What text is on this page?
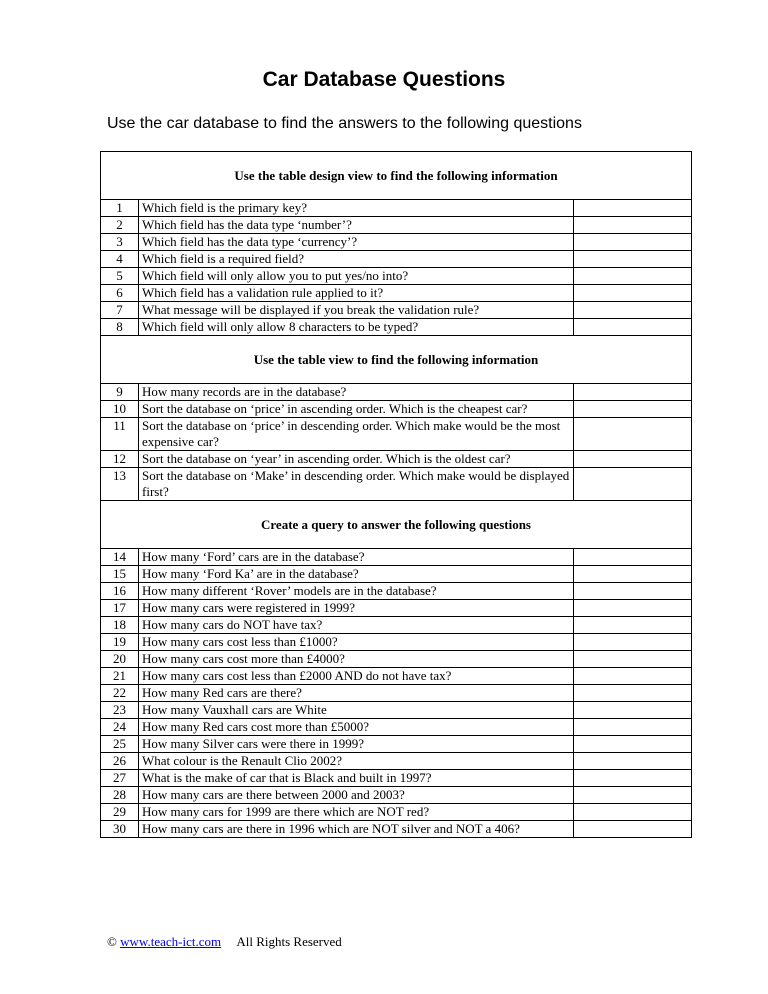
Car Database Questions
Use the car database to find the answers to the following questions
Use the table design view to find the following information		
1	Which field is the primary key?	
2	Which field has the data type ‘number’?	
3	Which field has the data type ‘currency’?	
4	Which field is a required field?	
5	Which field will only allow you to put yes/no into?	
6	Which field has a validation rule applied to it?	
7	What message will be displayed if you break the validation rule?	
8	Which field will only allow 8 characters to be typed?	
Use the table view to find the following information		
9	How many records are in the database?	
10	Sort the database on ‘price’ in ascending order. Which is the cheapest car?	
11	Sort the database on ‘price’ in descending order. Which make would be the most expensive car?	
12	Sort the database on ‘year’ in ascending order. Which is the oldest car?	
13	Sort the database on ‘Make’ in descending order. Which make would be displayed first?	
Create a query to answer the following questions		
14	How many ‘Ford’ cars are in the database?	
15	How many ‘Ford Ka’ are in the database?	
16	How many different ‘Rover’ models are in the database?	
17	How many cars were registered in 1999?	
18	How many cars do NOT have tax?	
19	How many cars cost less than £1000?	
20	How many cars cost more than £4000?	
21	How many cars cost less than £2000 AND do not have tax?	
22	How many Red cars are there?	
23	How many Vauxhall cars are White	
24	How many Red cars cost more than £5000?	
25	How many Silver cars were there in 1999?	
26	What colour is the Renault Clio 2002?	
27	What is the make of car that is Black and built in 1997?	
28	How many cars are there between 2000 and 2003?	
29	How many cars for 1999 are there which are NOT red?	
30	How many cars are there in 1996 which are NOT silver and NOT a 406?	
© www.teach-ict.com All Rights Reserved
